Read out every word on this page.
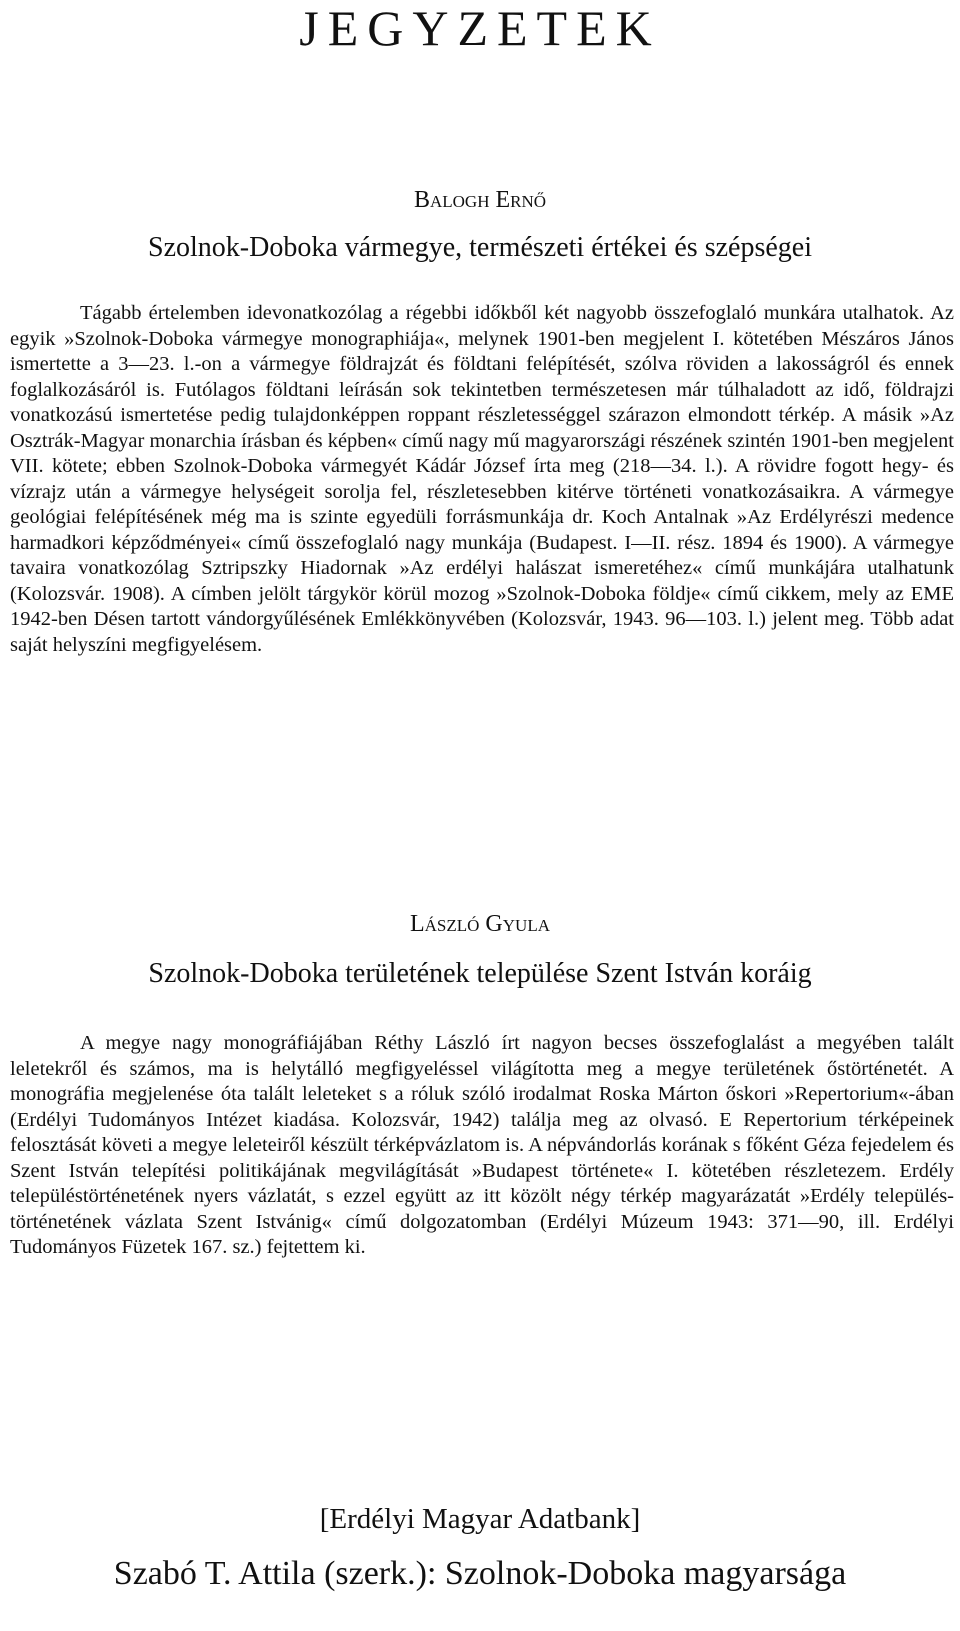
JEGYZETEK
Balogh Ernő
Szolnok-Doboka vármegye, természeti értékei és szépségei

Tágabb értelemben idevonatkozólag a régebbi időkből két nagyobb összefoglaló munkára utalhatok. Az egyik »Szolnok-Doboka vármegye monographiája«, melynek 1901-ben megjelent I. kötetében Mészáros János ismertette a 3—23. l.-on a vármegye földrajzát és földtani felépítését, szólva röviden a lakosságról és ennek foglalkozásáról is. Futólagos földtani leírásán sok tekintetben természetesen már túlhaladott az idő, földrajzi vonatkozású ismertetése pedig tulajdonképpen roppant részletességgel szárazon elmondott térkép. A másik »Az Osztrák-Magyar monarchia írásban és képben« című nagy mű magyarországi részének szintén 1901-ben megjelent VII. kötete; ebben Szolnok-Doboka vármegyét Kádár József írta meg (218—34. l.). A rövidre fogott hegy- és vízrajz után a vármegye helységeit sorolja fel, részletesebben kitérve történeti vonatkozásaikra. A vármegye geológiai felépítésének még ma is szinte egyedüli forrásmunkája dr. Koch Antalnak »Az Erdélyrészi medence harmadkori képződményei« című összefoglaló nagy munkája (Budapest. I—II. rész. 1894 és 1900). A vármegye tavaira vonatkozólag Sztripszky Hiadornak »Az erdélyi halászat ismeretéhez« című munkájára utalhatunk (Kolozsvár. 1908). A címben jelölt tárgykör körül mozog »Szolnok-Doboka földje« című cikkem, mely az EME 1942-ben Désen tartott vándorgyűlésének Emlékkönyvében (Kolozsvár, 1943. 96—103. l.) jelent meg. Több adat saját helyszíni megfigyelésem.

László Gyula
Szolnok-Doboka területének települése Szent István koráig

A megye nagy monográfiájában Réthy László írt nagyon becses összefoglalást a megyében talált leletekről és számos, ma is helytálló megfigyeléssel világította meg a megye területének őstörténetét. A monográfia megjelenése óta talált leleteket s a róluk szóló irodalmat Roska Márton őskori »Repertorium«-ában (Erdélyi Tudományos Intézet kiadása. Kolozsvár, 1942) találja meg az olvasó. E Repertorium térképeinek felosztását követi a megye leleteiről készült térképvázlatom is. A népvándorlás korának s főként Géza fejedelem és Szent István telepítési politikájának megvilágítását »Budapest története« I. kötetében részletezem. Erdély településtörténetének nyers vázlatát, s ezzel együtt az itt közölt négy térkép magyarázatát »Erdély településtörténetének vázlata Szent Istvánig« című dolgozatomban (Erdélyi Múzeum 1943: 371—90, ill. Erdélyi Tudományos Füzetek 167. sz.) fejtettem ki.

[Erdélyi Magyar Adatbank]
Szabó T. Attila (szerk.): Szolnok-Doboka magyarsága
